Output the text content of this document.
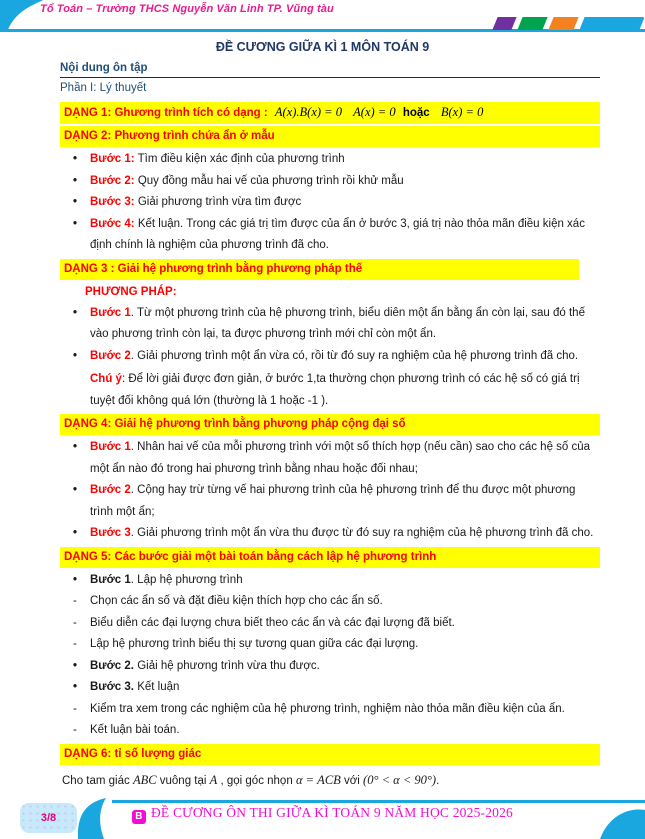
Tổ Toán – Trường THCS Nguyễn Văn Linh TP. Vũng tàu
ĐỀ CƯƠNG GIỮA KÌ 1 MÔN TOÁN 9
Nội dung ôn tập
Phần I: Lý thuyết
DẠNG 1: Ghương trình tích có dạng : A(x).B(x) = 0 A(x) = 0 hoặc B(x) = 0
DẠNG 2: Phương trình chứa ẩn ở mẫu
•	Bước 1: Tìm điều kiện xác định của phương trình
•	Bước 2: Quy đồng mẫu hai vế của phương trình rồi khử mẫu
•	Bước 3: Giải phương trình vừa tìm được
•	Bước 4: Kết luận. Trong các giá trị tìm được của ẩn ở bước 3, giá trị nào thỏa mãn điều kiện xác định chính là nghiệm của phương trình đã cho.
DẠNG 3 : Giải hệ phương trình bằng phương pháp thế
PHƯƠNG PHÁP:
•	Bước 1. Từ một phương trình của hệ phương trình, biểu diên một ẩn bằng ẩn còn lại, sau đó thế vào phương trình còn lại, ta được phương trình mới chỉ còn một ẩn.
•	Bước 2. Giải phương trình một ẩn vừa có, rồi từ đó suy ra nghiệm của hệ phương trình đã cho.
Chú ý: Để lời giải được đơn giản, ở bước 1,ta thường chọn phương trình có các hệ số có giá trị tuyệt đối không quá lớn (thường là 1 hoặc -1 ).
DẠNG 4: Giải hệ phương trình bằng phương pháp cộng đại số
•	Bước 1. Nhân hai vế của mỗi phương trình với một số thích hợp (nếu cần) sao cho các hệ số của một ẩn nào đó trong hai phương trình bằng nhau hoặc đối nhau;
•	Bước 2. Cộng hay trừ từng vế hai phương trình của hệ phương trình để thu được một phương trình một ẩn;
•	Bước 3. Giải phương trình một ẩn vừa thu được từ đó suy ra nghiệm của hệ phương trình đã cho.
DẠNG 5: Các bước giải một bài toán bằng cách lập hệ phương trình
•	Bước 1. Lập hệ phương trình
-	Chọn các ẩn số và đặt điều kiện thích hợp cho các ẩn số.
-	Biểu diễn các đại lượng chưa biết theo các ẩn và các đại lượng đã biết.
-	Lập hệ phương trình biểu thị sự tương quan giữa các đại lượng.
•	Bước 2. Giải hệ phương trình vừa thu được.
•	Bước 3. Kết luận
-	Kiểm tra xem trong các nghiệm của hệ phương trình, nghiệm nào thỏa mãn điều kiện của ẩn.
-	Kết luận bài toán.
DẠNG 6: tỉ số lượng giác
Cho tam giác ABC vuông tại A , gọi góc nhọn α = ACB với (0° < α < 90°).
3/8	B ĐỀ CƯƠNG ÔN THI GIỮA KÌ TOÁN 9 NĂM HỌC 2025-2026
